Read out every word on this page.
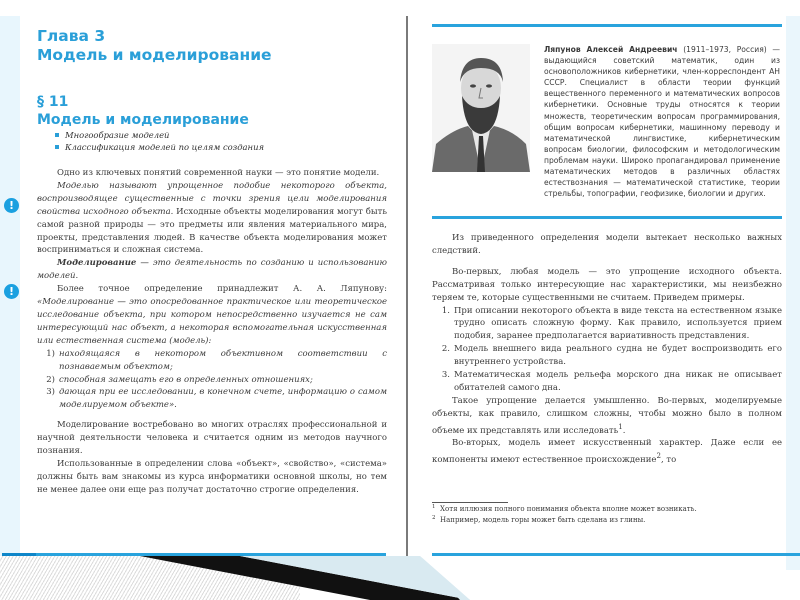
Глава 3
Модель и моделирование
§ 11
Модель и моделирование
Многообразие моделей
Классификация моделей по целям создания
!
!

Одно из ключевых понятий современной науки — это понятие модели.

Моделью называют упрощенное подобие некоторого объекта, воспроизводящее существенные с точки зрения цели моделирования свойства исходного объекта. Исходные объекты моделирования могут быть самой разной природы — это предметы или явления материального мира, проекты, представления людей. В качестве объекта моделирования может восприниматься и сложная система.

Моделирование — это деятельность по созданию и использованию моделей.

Более точное определение принадлежит А. А. Ляпунову: «Моделирование — это опосредованное практическое или теоретическое исследование объекта, при котором непосредственно изучается не сам интересующий нас объект, а некоторая вспомогательная искусственная или естественная система (модель):

1) находящаяся в некотором объективном соответствии с познаваемым объектом;
2) способная замещать его в определенных отношениях;
3) дающая при ее исследовании, в конечном счете, информацию о самом моделируемом объекте».

Моделирование востребовано во многих отраслях профессиональной и научной деятельности человека и считается одним из методов научного познания.

Использованные в определении слова «объект», «свойство», «система» должны быть вам знакомы из курса информатики основной школы, но тем не менее далее они еще раз получат достаточно строгие определения.

Ляпунов Алексей Андреевич (1911–1973, Россия) — выдающийся советский математик, один из основоположников кибернетики, член-корреспондент АН СССР. Специалист в области теории функций вещественного переменного и математических вопросов кибернетики. Основные труды относятся к теории множеств, теоретическим вопросам программирования, общим вопросам кибернетики, машинному переводу и математической лингвистике, кибернетическим вопросам биологии, философским и методологическим проблемам науки. Широко пропагандировал применение математических методов в различных областях естествознания — математической статистике, теории стрельбы, топографии, геофизике, биологии и других.

Из приведенного определения модели вытекает несколько важных следствий.

Во-первых, любая модель — это упрощение исходного объекта. Рассматривая только интересующие нас характеристики, мы неизбежно теряем те, которые существенными не считаем. Приведем примеры.

1. При описании некоторого объекта в виде текста на естественном языке трудно описать сложную форму. Как правило, используется прием подобия, заранее предполагается вариативность представления.
2. Модель внешнего вида реального судна не будет воспроизводить его внутреннего устройства.
3. Математическая модель рельефа морского дна никак не описывает обитателей самого дна.

Такое упрощение делается умышленно. Во-первых, моделируемые объекты, как правило, слишком сложны, чтобы можно было в полном объеме их представлять или исследовать$^1$.

Во-вторых, модель имеет искусственный характер. Даже если ее компоненты имеют естественное происхождение$^2$, то

1 Хотя иллюзия полного понимания объекта вполне может возникать.
2 Например, модель горы может быть сделана из глины.
